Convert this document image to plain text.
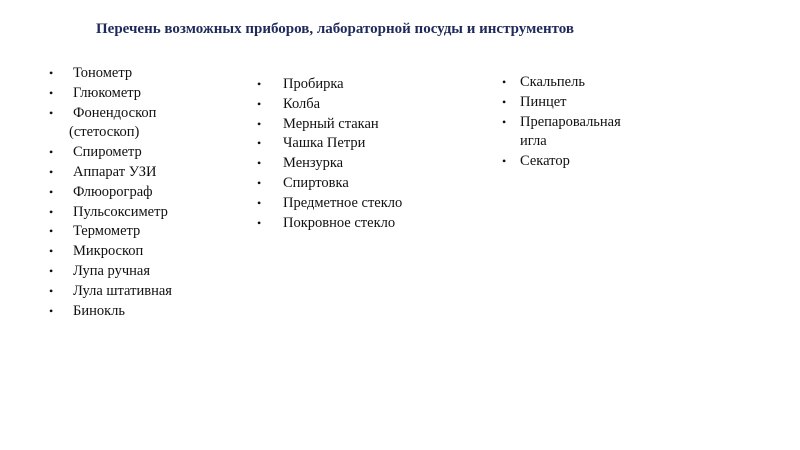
Перечень возможных приборов, лабораторной посуды и инструментов
• Тонометр
• Глюкометр
• Фонендоскоп
(стетоскоп)
• Спирометр
• Аппарат УЗИ
• Флюорограф
• Пульсоксиметр
• Термометр
• Микроскоп
• Лупа ручная
• Лула штативная
• Бинокль
• Пробирка
• Колба
• Мерный стакан
• Чашка Петри
• Мензурка
• Спиртовка
• Предметное стекло
• Покровное стекло
• Скальпель
• Пинцет
• Препаровальная
игла
• Секатор
